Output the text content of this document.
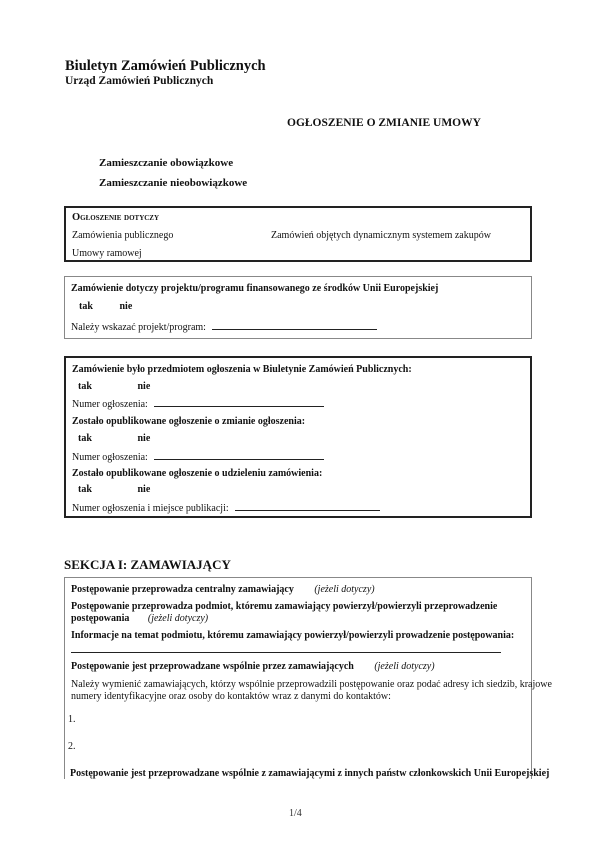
Biuletyn Zamówień Publicznych
Urząd Zamówień Publicznych
OGŁOSZENIE O ZMIANIE UMOWY
Zamieszczanie obowiązkowe
Zamieszczanie nieobowiązkowe
Ogłoszenie dotyczy
Zamówienia publicznego	Zamówień objętych dynamicznym systemem zakupów
Umowy ramowej
Zamówienie dotyczy projektu/programu finansowanego ze środków Unii Europejskiej
tak	nie
Należy wskazać projekt/program:
Zamówienie było przedmiotem ogłoszenia w Biuletynie Zamówień Publicznych:
tak	nie
Numer ogłoszenia:
Zostało opublikowane ogłoszenie o zmianie ogłoszenia:
tak	nie
Numer ogłoszenia:
Zostało opublikowane ogłoszenie o udzieleniu zamówienia:
tak	nie
Numer ogłoszenia i miejsce publikacji:
SEKCJA I: ZAMAWIAJĄCY
Postępowanie przeprowadza centralny zamawiający (jeżeli dotyczy)
Postępowanie przeprowadza podmiot, któremu zamawiający powierzył/powierzyli przeprowadzenie
postępowania (jeżeli dotyczy)
Informacje na temat podmiotu, któremu zamawiający powierzył/powierzyli prowadzenie postępowania:
Postępowanie jest przeprowadzane wspólnie przez zamawiających (jeżeli dotyczy)
Należy wymienić zamawiających, którzy wspólnie przeprowadzili postępowanie oraz podać adresy ich siedzib, krajowe
numery identyfikacyjne oraz osoby do kontaktów wraz z danymi do kontaktów:
1.
2.
Postępowanie jest przeprowadzane wspólnie z zamawiającymi z innych państw członkowskich Unii Europejskiej
1/4
